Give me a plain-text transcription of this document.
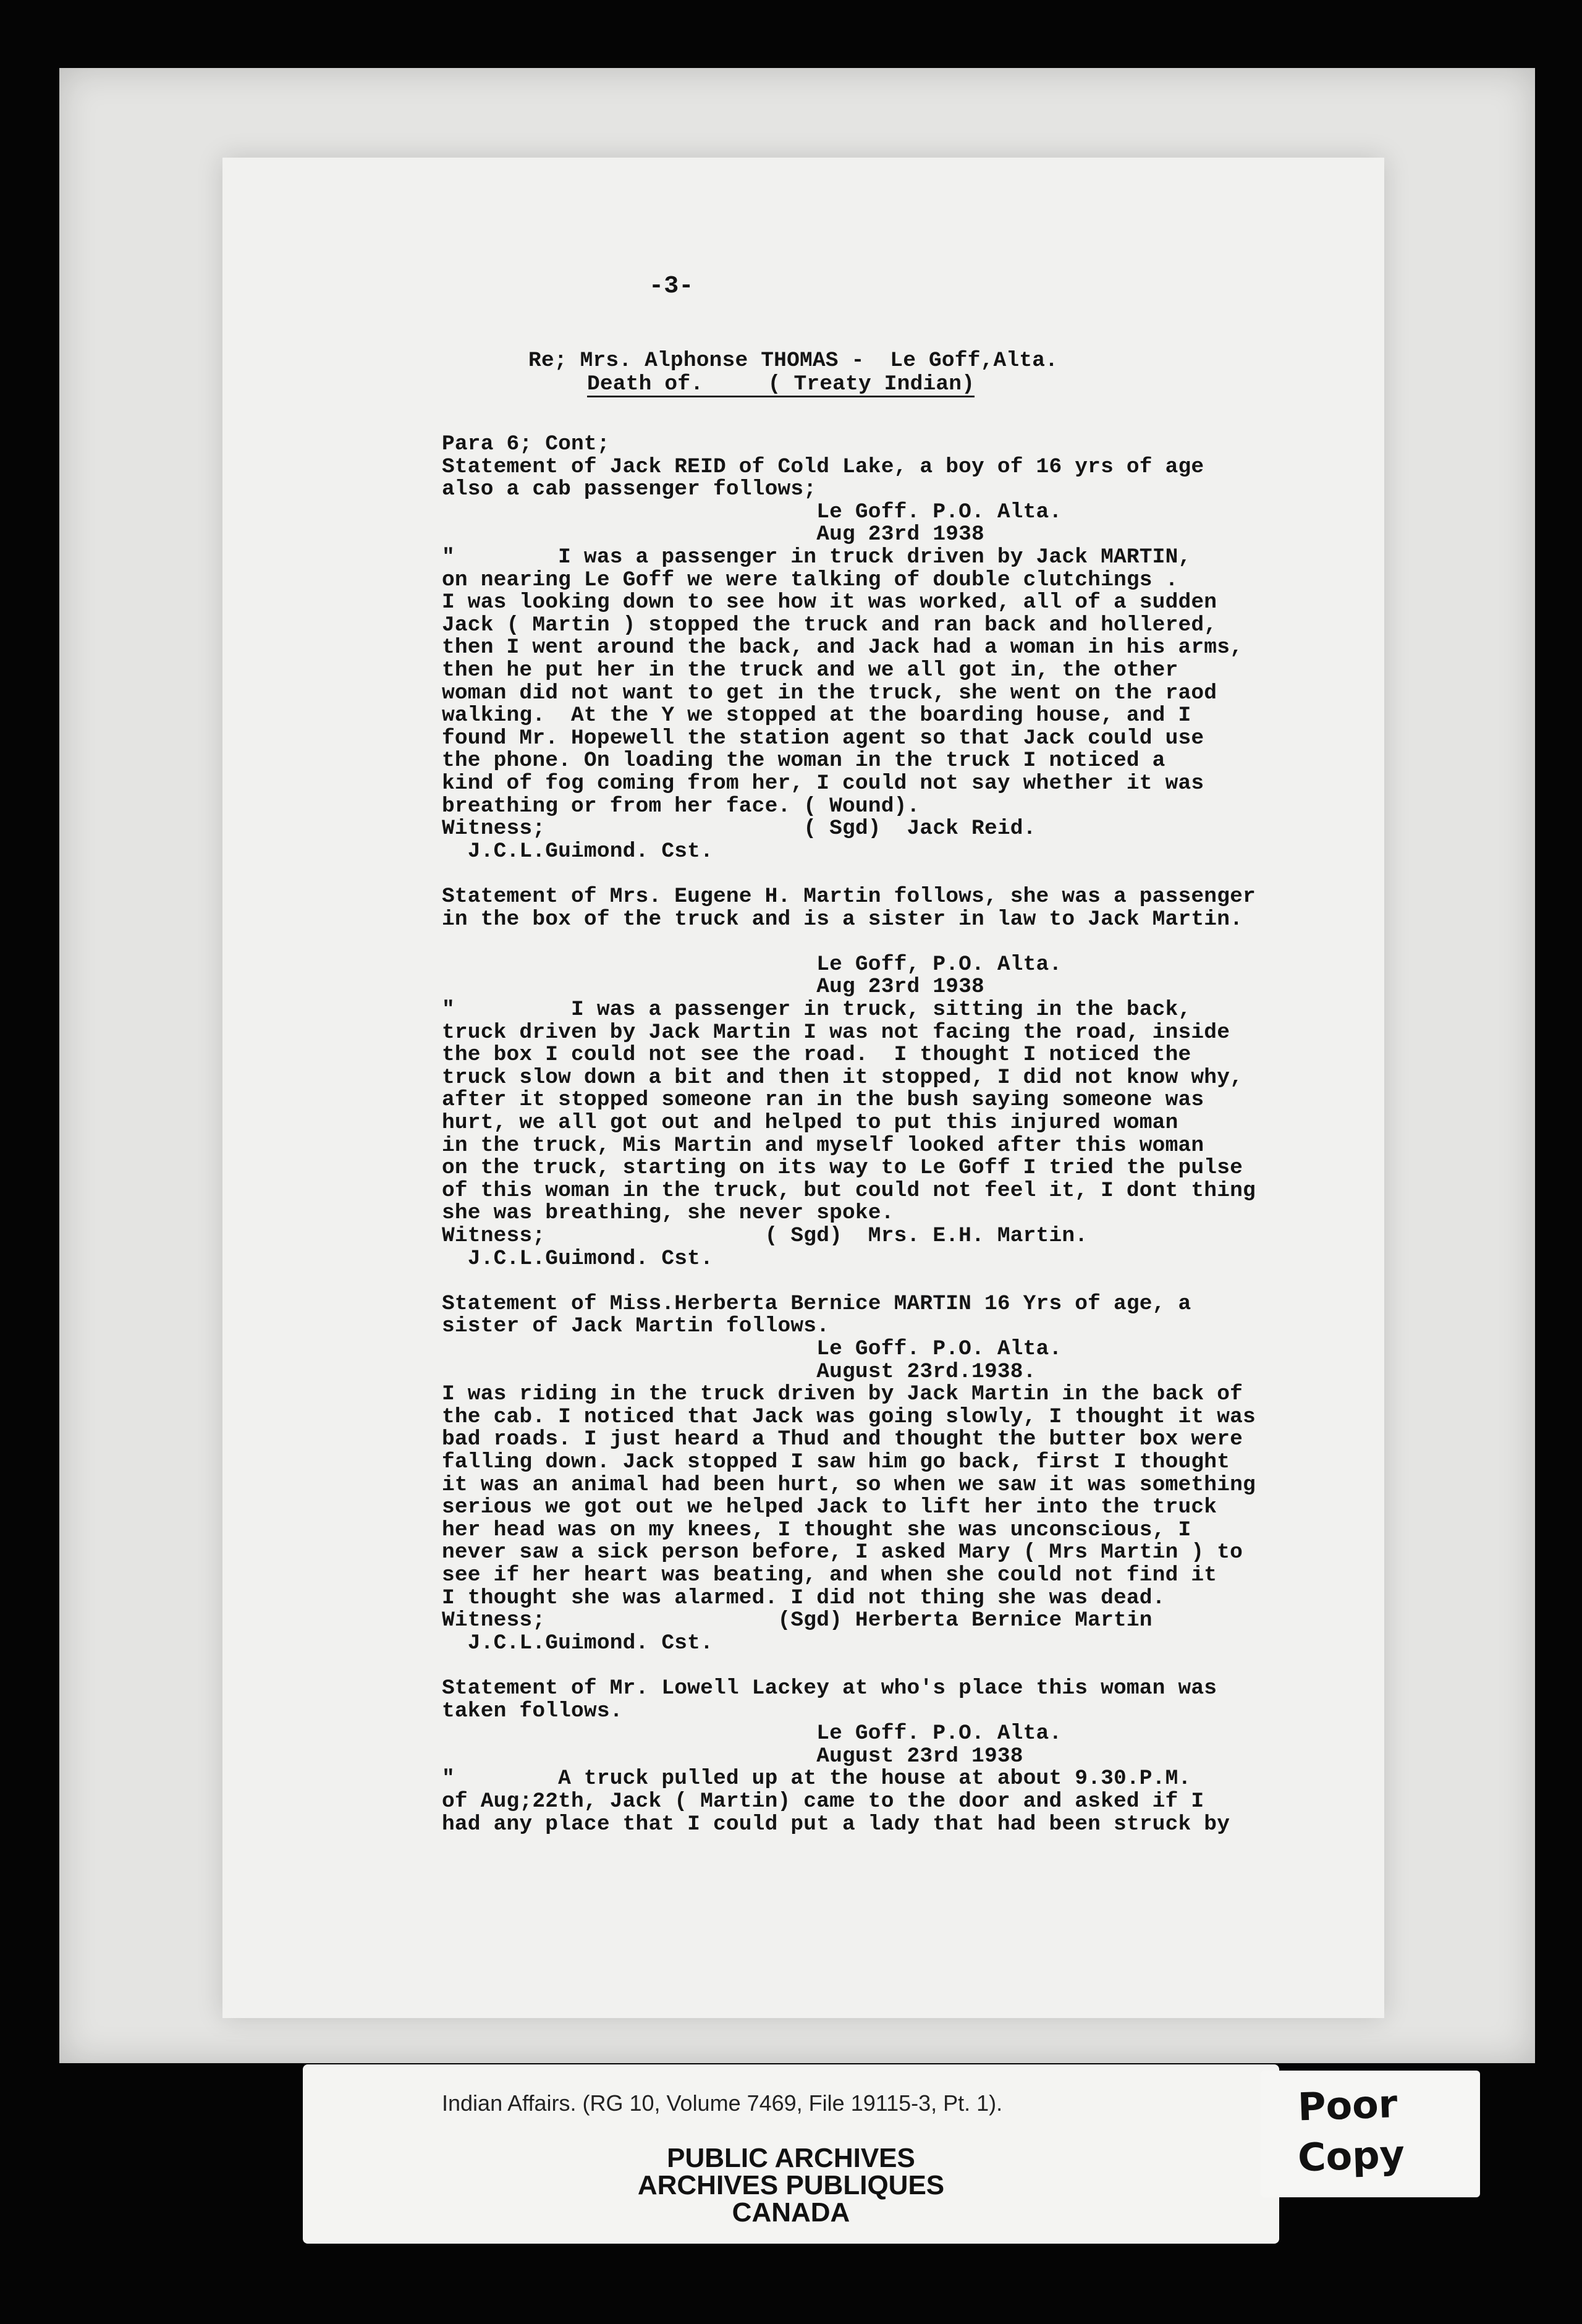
-3-
Re; Mrs. Alphonse THOMAS -  Le Goff,Alta.
Death of.     ( Treaty Indian)
Para 6; Cont;
Statement of Jack REID of Cold Lake, a boy of 16 yrs of age
also a cab passenger follows;
Le Goff. P.O. Alta.
Aug 23rd 1938
"        I was a passenger in truck driven by Jack MARTIN,
on nearing Le Goff we were talking of double clutchings .
I was looking down to see how it was worked, all of a sudden
Jack ( Martin ) stopped the truck and ran back and hollered,
then I went around the back, and Jack had a woman in his arms,
then he put her in the truck and we all got in, the other
woman did not want to get in the truck, she went on the raod
walking.  At the Y we stopped at the boarding house, and I
found Mr. Hopewell the station agent so that Jack could use
the phone. On loading the woman in the truck I noticed a
kind of fog coming from her, I could not say whether it was
breathing or from her face. ( Wound).
Witness;                    ( Sgd)  Jack Reid.
J.C.L.Guimond. Cst.
Statement of Mrs. Eugene H. Martin follows, she was a passenger
in the box of the truck and is a sister in law to Jack Martin.
Le Goff, P.O. Alta.
Aug 23rd 1938
"         I was a passenger in truck, sitting in the back,
truck driven by Jack Martin I was not facing the road, inside
the box I could not see the road.  I thought I noticed the
truck slow down a bit and then it stopped, I did not know why,
after it stopped someone ran in the bush saying someone was
hurt, we all got out and helped to put this injured woman
in the truck, Mis Martin and myself looked after this woman
on the truck, starting on its way to Le Goff I tried the pulse
of this woman in the truck, but could not feel it, I dont thing
she was breathing, she never spoke.
Witness;                 ( Sgd)  Mrs. E.H. Martin.
J.C.L.Guimond. Cst.
Statement of Miss.Herberta Bernice MARTIN 16 Yrs of age, a
sister of Jack Martin follows.
Le Goff. P.O. Alta.
August 23rd.1938.
I was riding in the truck driven by Jack Martin in the back of
the cab. I noticed that Jack was going slowly, I thought it was
bad roads. I just heard a Thud and thought the butter box were
falling down. Jack stopped I saw him go back, first I thought
it was an animal had been hurt, so when we saw it was something
serious we got out we helped Jack to lift her into the truck
her head was on my knees, I thought she was unconscious, I
never saw a sick person before, I asked Mary ( Mrs Martin ) to
see if her heart was beating, and when she could not find it
I thought she was alarmed. I did not thing she was dead.
Witness;                  (Sgd) Herberta Bernice Martin
J.C.L.Guimond. Cst.
Statement of Mr. Lowell Lackey at who's place this woman was
taken follows.
Le Goff. P.O. Alta.
August 23rd 1938
"        A truck pulled up at the house at about 9.30.P.M.
of Aug;22th, Jack ( Martin) came to the door and asked if I
had any place that I could put a lady that had been struck by
Indian Affairs. (RG 10, Volume 7469, File 19115-3, Pt. 1).
PUBLIC ARCHIVES
ARCHIVES PUBLIQUES
CANADA
Poor
Copy
